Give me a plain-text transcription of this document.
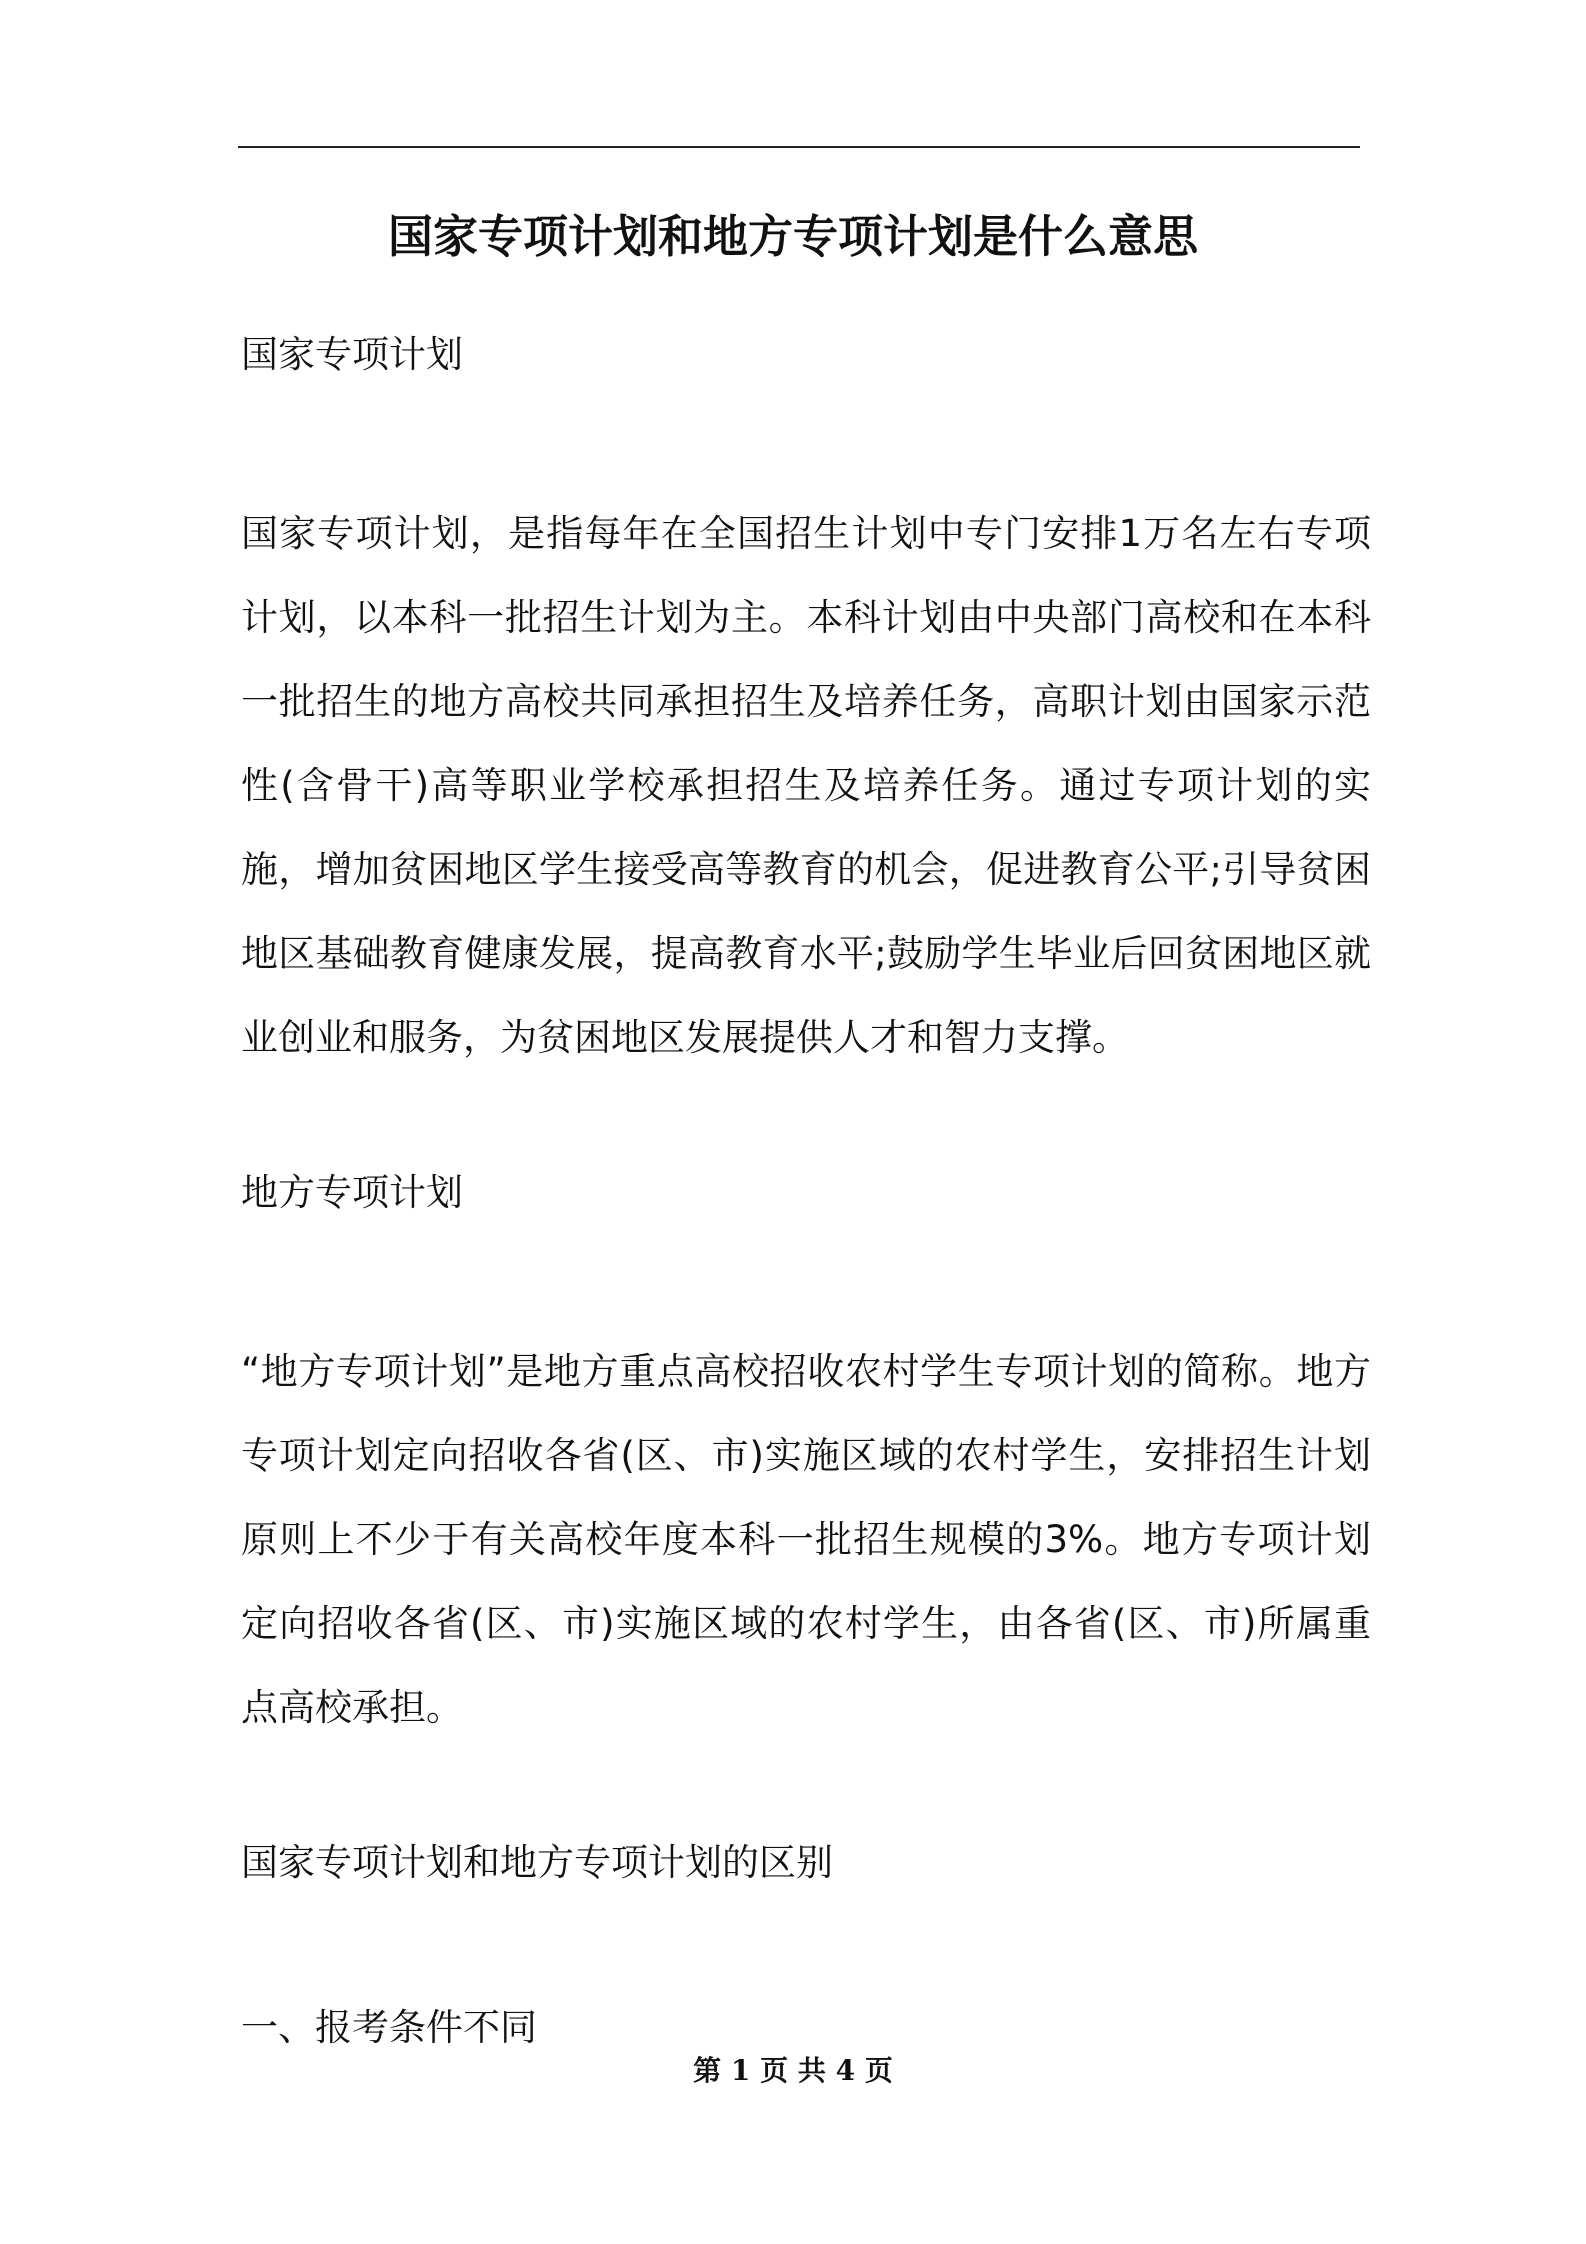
国家专项计划和地方专项计划是什么意思
国家专项计划

国家专项计划，是指每年在全国招生计划中专门安排1万名左右专项计划，以本科一批招生计划为主。本科计划由中央部门高校和在本科一批招生的地方高校共同承担招生及培养任务，高职计划由国家示范性(含骨干)高等职业学校承担招生及培养任务。通过专项计划的实施，增加贫困地区学生接受高等教育的机会，促进教育公平;引导贫困地区基础教育健康发展，提高教育水平;鼓励学生毕业后回贫困地区就业创业和服务，为贫困地区发展提供人才和智力支撑。

地方专项计划

“地方专项计划”是地方重点高校招收农村学生专项计划的简称。地方专项计划定向招收各省(区、市)实施区域的农村学生，安排招生计划原则上不少于有关高校年度本科一批招生规模的3%。地方专项计划定向招收各省(区、市)实施区域的农村学生，由各省(区、市)所属重点高校承担。

国家专项计划和地方专项计划的区别
一、报考条件不同
第 1 页 共 4 页
